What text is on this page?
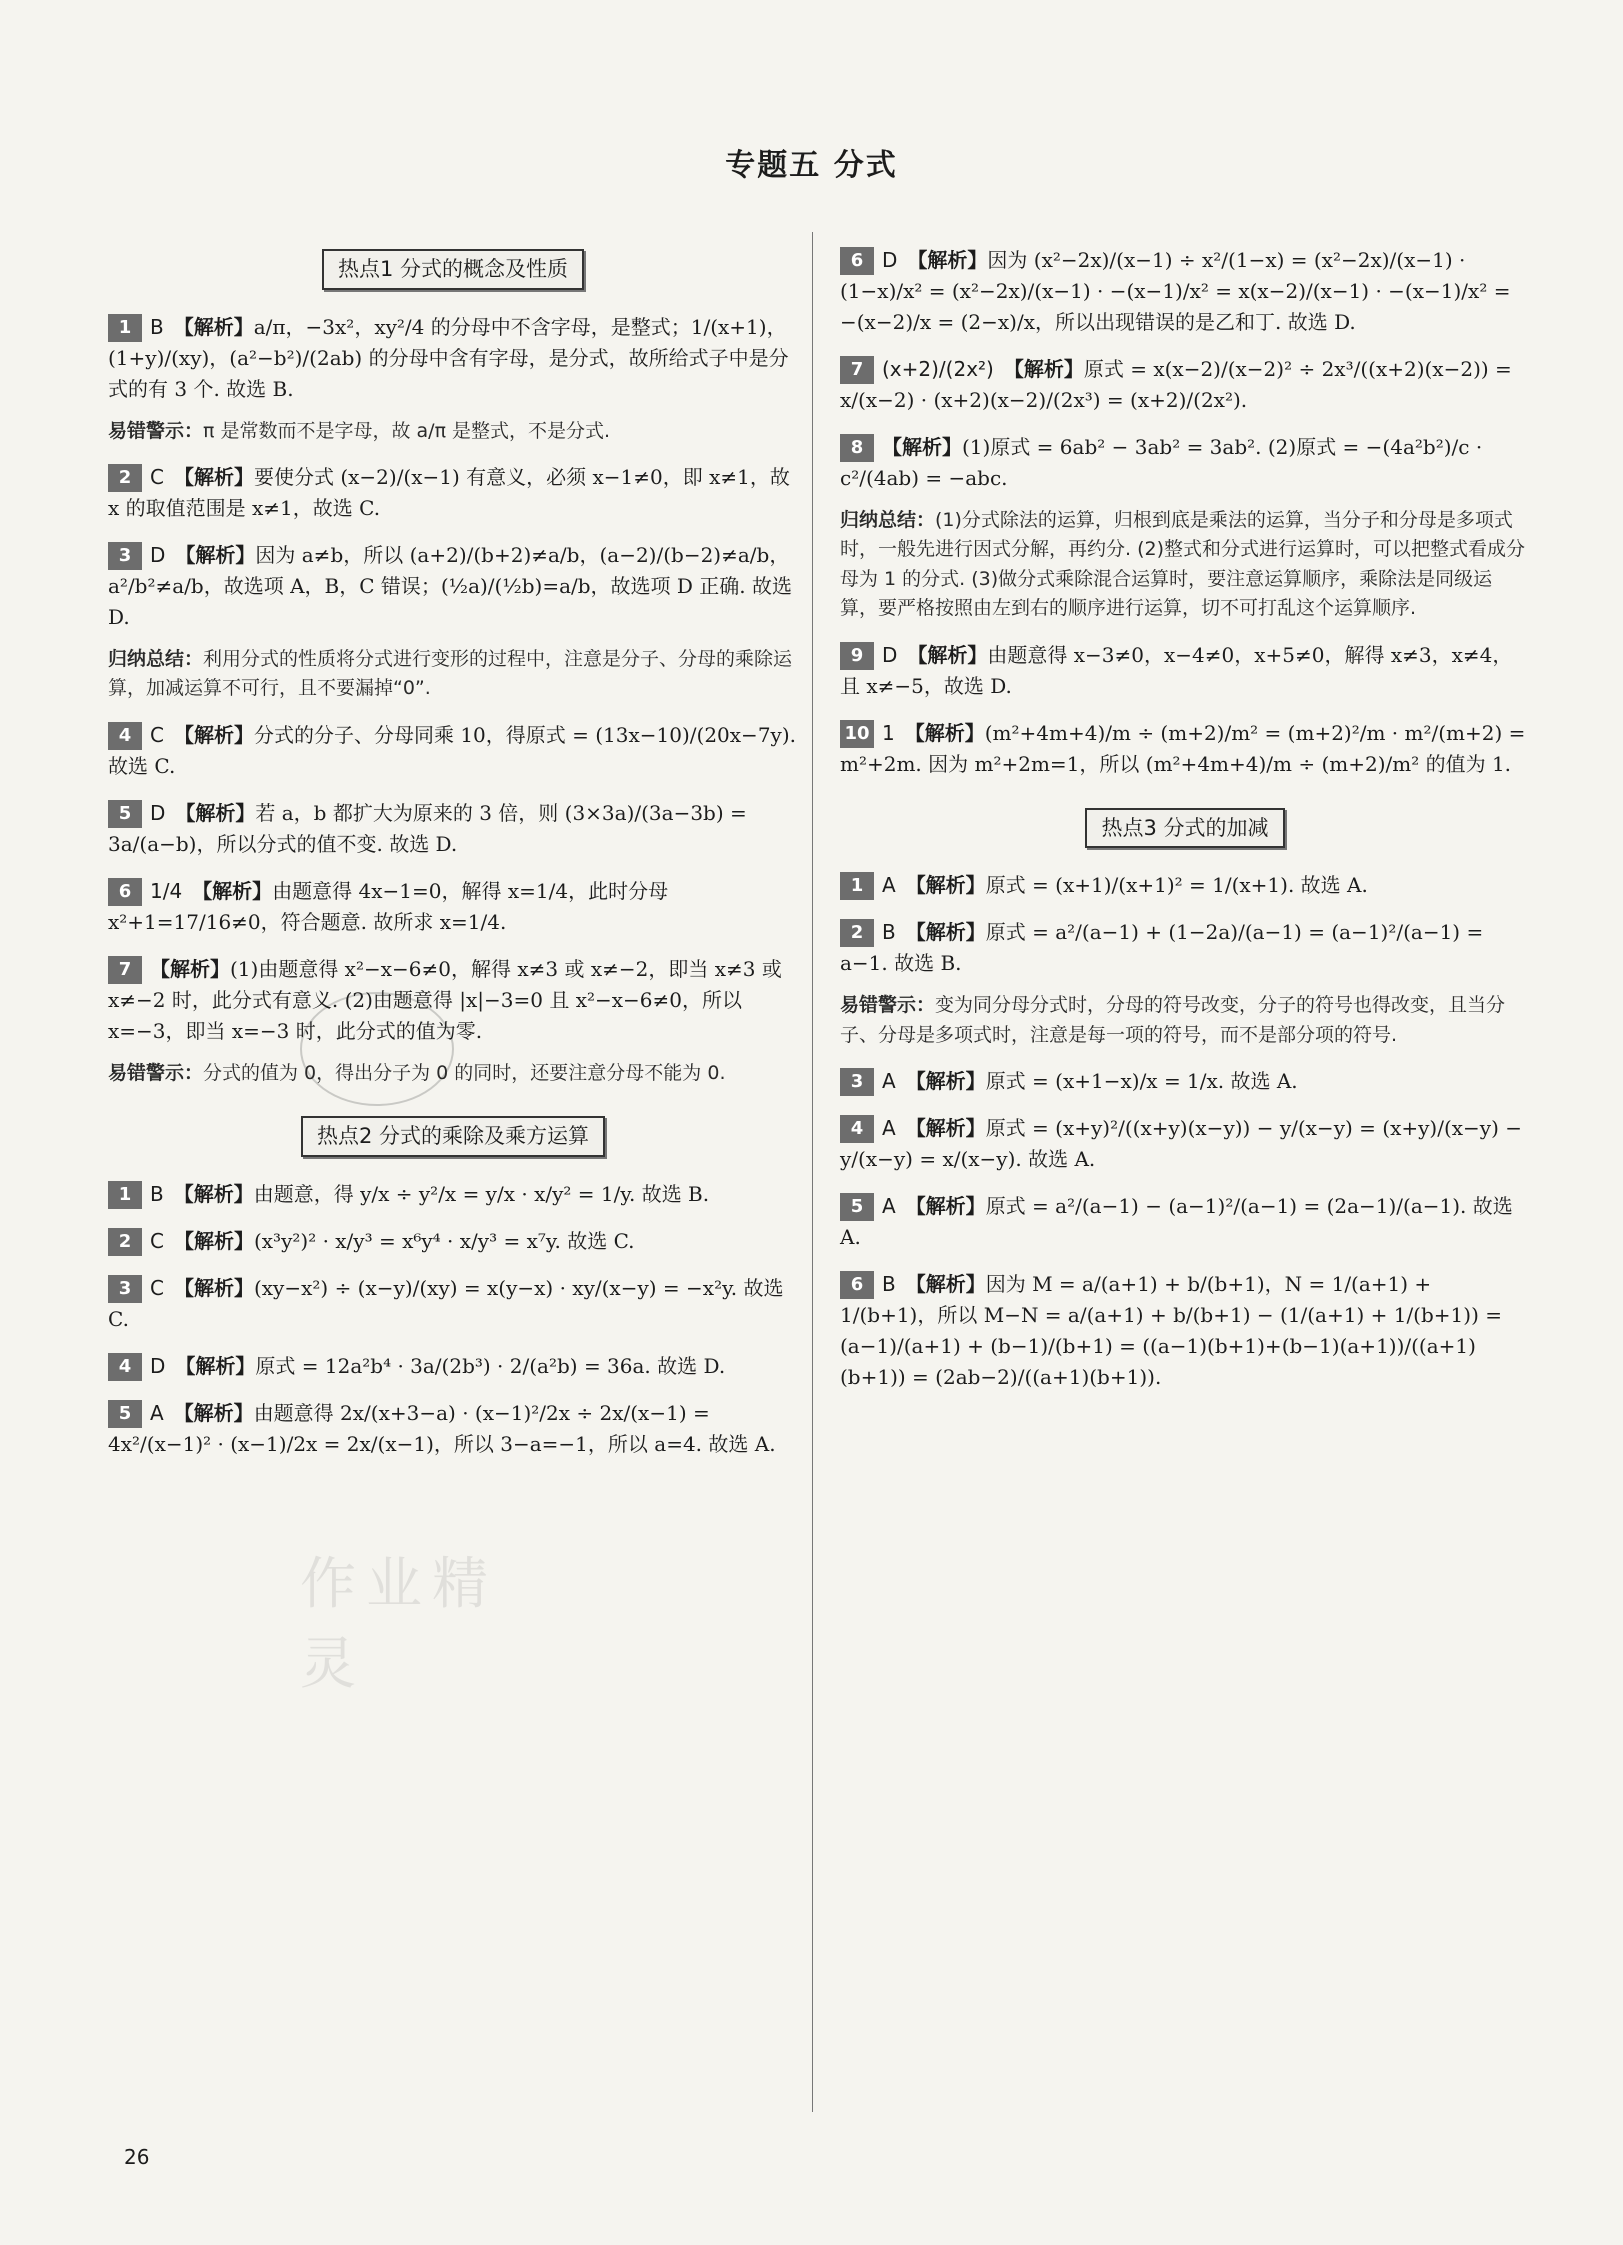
专题五 分式
作业精灵
热点1 分式的概念及性质
1 B 【解析】a/π，−3x²，xy²/4 的分母中不含字母，是整式；1/(x+1)，(1+y)/(xy)，(a²−b²)/(2ab) 的分母中含有字母，是分式，故所给式子中是分式的有 3 个. 故选 B.
易错警示：π 是常数而不是字母，故 a/π 是整式，不是分式.
2 C 【解析】要使分式 (x−2)/(x−1) 有意义，必须 x−1≠0，即 x≠1，故 x 的取值范围是 x≠1，故选 C.
3 D 【解析】因为 a≠b，所以 (a+2)/(b+2)≠a/b，(a−2)/(b−2)≠a/b，a²/b²≠a/b，故选项 A，B，C 错误；(½a)/(½b)=a/b，故选项 D 正确. 故选 D.
归纳总结：利用分式的性质将分式进行变形的过程中，注意是分子、分母的乘除运算，加减运算不可行，且不要漏掉“0”.
4 C 【解析】分式的分子、分母同乘 10，得原式 = (13x−10)/(20x−7y). 故选 C.
5 D 【解析】若 a，b 都扩大为原来的 3 倍，则 (3×3a)/(3a−3b) = 3a/(a−b)，所以分式的值不变. 故选 D.
6 1/4 【解析】由题意得 4x−1=0，解得 x=1/4，此时分母 x²+1=17/16≠0，符合题意. 故所求 x=1/4.
7 【解析】(1)由题意得 x²−x−6≠0，解得 x≠3 或 x≠−2，即当 x≠3 或 x≠−2 时，此分式有意义. (2)由题意得 |x|−3=0 且 x²−x−6≠0，所以 x=−3，即当 x=−3 时，此分式的值为零.
易错警示：分式的值为 0，得出分子为 0 的同时，还要注意分母不能为 0.
热点2 分式的乘除及乘方运算
1 B 【解析】由题意，得 y/x ÷ y²/x = y/x · x/y² = 1/y. 故选 B.
2 C 【解析】(x³y²)² · x/y³ = x⁶y⁴ · x/y³ = x⁷y. 故选 C.
3 C 【解析】(xy−x²) ÷ (x−y)/(xy) = x(y−x) · xy/(x−y) = −x²y. 故选 C.
4 D 【解析】原式 = 12a²b⁴ · 3a/(2b³) · 2/(a²b) = 36a. 故选 D.
5 A 【解析】由题意得 2x/(x+3−a) · (x−1)²/2x ÷ 2x/(x−1) = 4x²/(x−1)² · (x−1)/2x = 2x/(x−1)，所以 3−a=−1，所以 a=4. 故选 A.
6 D 【解析】因为 (x²−2x)/(x−1) ÷ x²/(1−x) = (x²−2x)/(x−1) · (1−x)/x² = (x²−2x)/(x−1) · −(x−1)/x² = x(x−2)/(x−1) · −(x−1)/x² = −(x−2)/x = (2−x)/x，所以出现错误的是乙和丁. 故选 D.
7 (x+2)/(2x²) 【解析】原式 = x(x−2)/(x−2)² ÷ 2x³/((x+2)(x−2)) = x/(x−2) · (x+2)(x−2)/(2x³) = (x+2)/(2x²).
8 【解析】(1)原式 = 6ab² − 3ab² = 3ab². (2)原式 = −(4a²b²)/c · c²/(4ab) = −abc.
归纳总结：(1)分式除法的运算，归根到底是乘法的运算，当分子和分母是多项式时，一般先进行因式分解，再约分. (2)整式和分式进行运算时，可以把整式看成分母为 1 的分式. (3)做分式乘除混合运算时，要注意运算顺序，乘除法是同级运算，要严格按照由左到右的顺序进行运算，切不可打乱这个运算顺序.
9 D 【解析】由题意得 x−3≠0，x−4≠0，x+5≠0，解得 x≠3，x≠4，且 x≠−5，故选 D.
10 1 【解析】(m²+4m+4)/m ÷ (m+2)/m² = (m+2)²/m · m²/(m+2) = m²+2m. 因为 m²+2m=1，所以 (m²+4m+4)/m ÷ (m+2)/m² 的值为 1.
热点3 分式的加减
1 A 【解析】原式 = (x+1)/(x+1)² = 1/(x+1). 故选 A.
2 B 【解析】原式 = a²/(a−1) + (1−2a)/(a−1) = (a−1)²/(a−1) = a−1. 故选 B.
易错警示：变为同分母分式时，分母的符号改变，分子的符号也得改变，且当分子、分母是多项式时，注意是每一项的符号，而不是部分项的符号.
3 A 【解析】原式 = (x+1−x)/x = 1/x. 故选 A.
4 A 【解析】原式 = (x+y)²/((x+y)(x−y)) − y/(x−y) = (x+y)/(x−y) − y/(x−y) = x/(x−y). 故选 A.
5 A 【解析】原式 = a²/(a−1) − (a−1)²/(a−1) = (2a−1)/(a−1). 故选 A.
6 B 【解析】因为 M = a/(a+1) + b/(b+1)，N = 1/(a+1) + 1/(b+1)，所以 M−N = a/(a+1) + b/(b+1) − (1/(a+1) + 1/(b+1)) = (a−1)/(a+1) + (b−1)/(b+1) = ((a−1)(b+1)+(b−1)(a+1))/((a+1)(b+1)) = (2ab−2)/((a+1)(b+1)).
26
